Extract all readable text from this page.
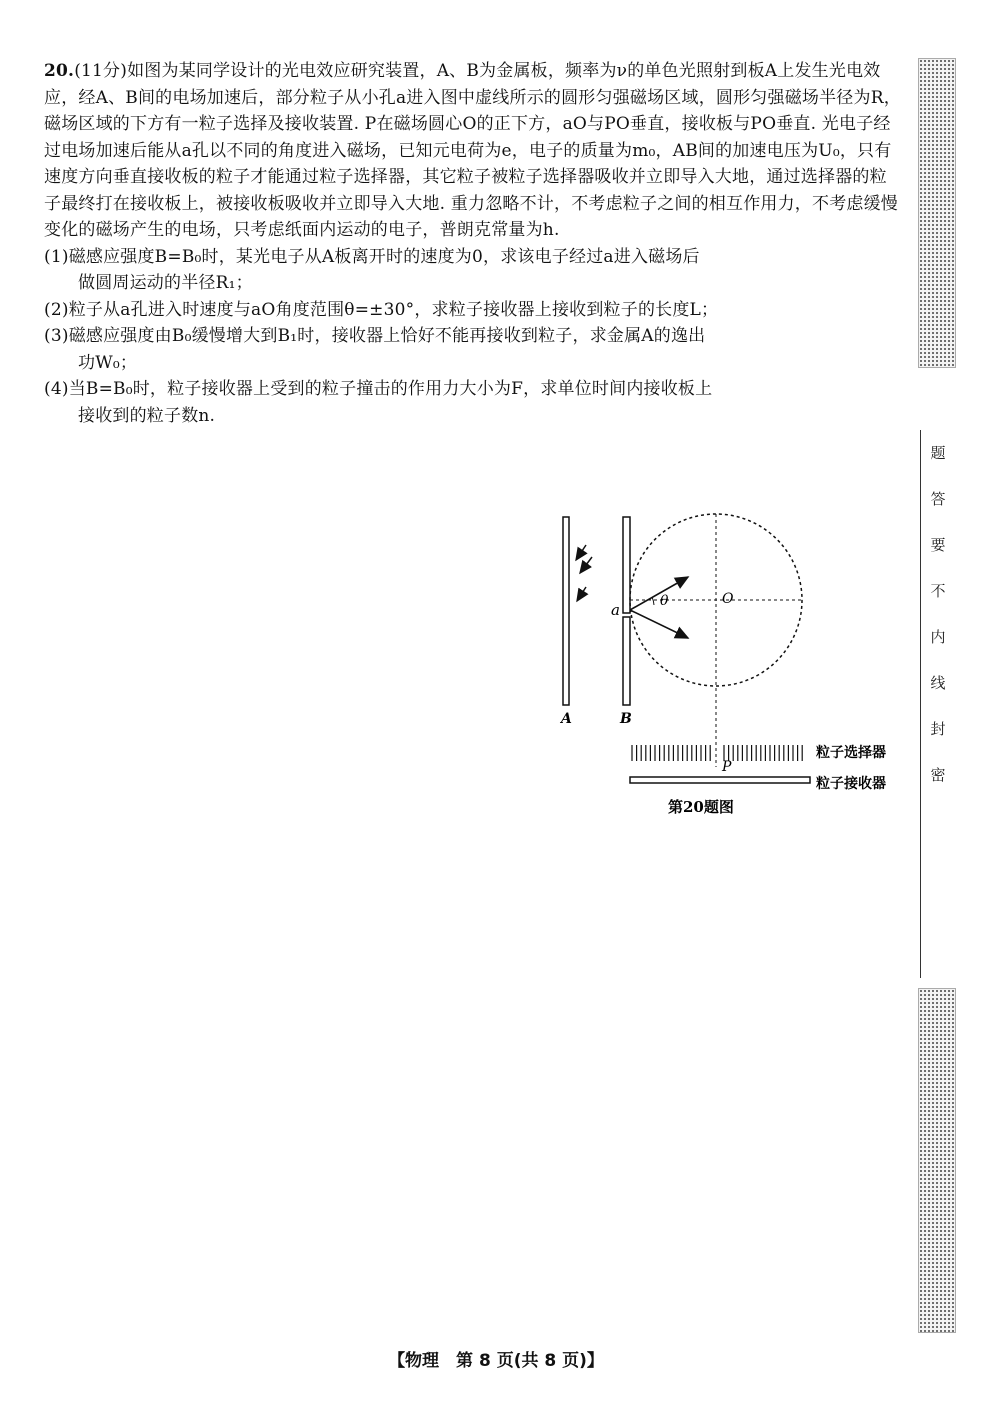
20.(11分)如图为某同学设计的光电效应研究装置，A、B为金属板，频率为ν的单色光照射到板A上发生光电效应，经A、B间的电场加速后，部分粒子从小孔a进入图中虚线所示的圆形匀强磁场区域，圆形匀强磁场半径为R，磁场区域的下方有一粒子选择及接收装置. P在磁场圆心O的正下方，aO与PO垂直，接收板与PO垂直. 光电子经过电场加速后能从a孔以不同的角度进入磁场，已知元电荷为e，电子的质量为m₀，AB间的加速电压为U₀，只有速度方向垂直接收板的粒子才能通过粒子选择器，其它粒子被粒子选择器吸收并立即导入大地，通过选择器的粒子最终打在接收板上，被接收板吸收并立即导入大地. 重力忽略不计，不考虑粒子之间的相互作用力，不考虑缓慢变化的磁场产生的电场，只考虑纸面内运动的电子，普朗克常量为h.

(1)磁感应强度B=B₀时，某光电子从A板离开时的速度为0，求该电子经过a进入磁场后
做圆周运动的半径R₁；

(2)粒子从a孔进入时速度与aO角度范围θ=±30°，求粒子接收器上接收到粒子的长度L；

(3)磁感应强度由B₀缓慢增大到B₁时，接收器上恰好不能再接收到粒子，求金属A的逸出
功W₀；

(4)当B=B₀时，粒子接收器上受到的粒子撞击的作用力大小为F，求单位时间内接收板上
接收到的粒子数n.

A	B
a	θ	O
粒子选择器
P
粒子接收器
第20题图
题
答
要
不
内
线
封
密
【物理　第 8 页(共 8 页)】
